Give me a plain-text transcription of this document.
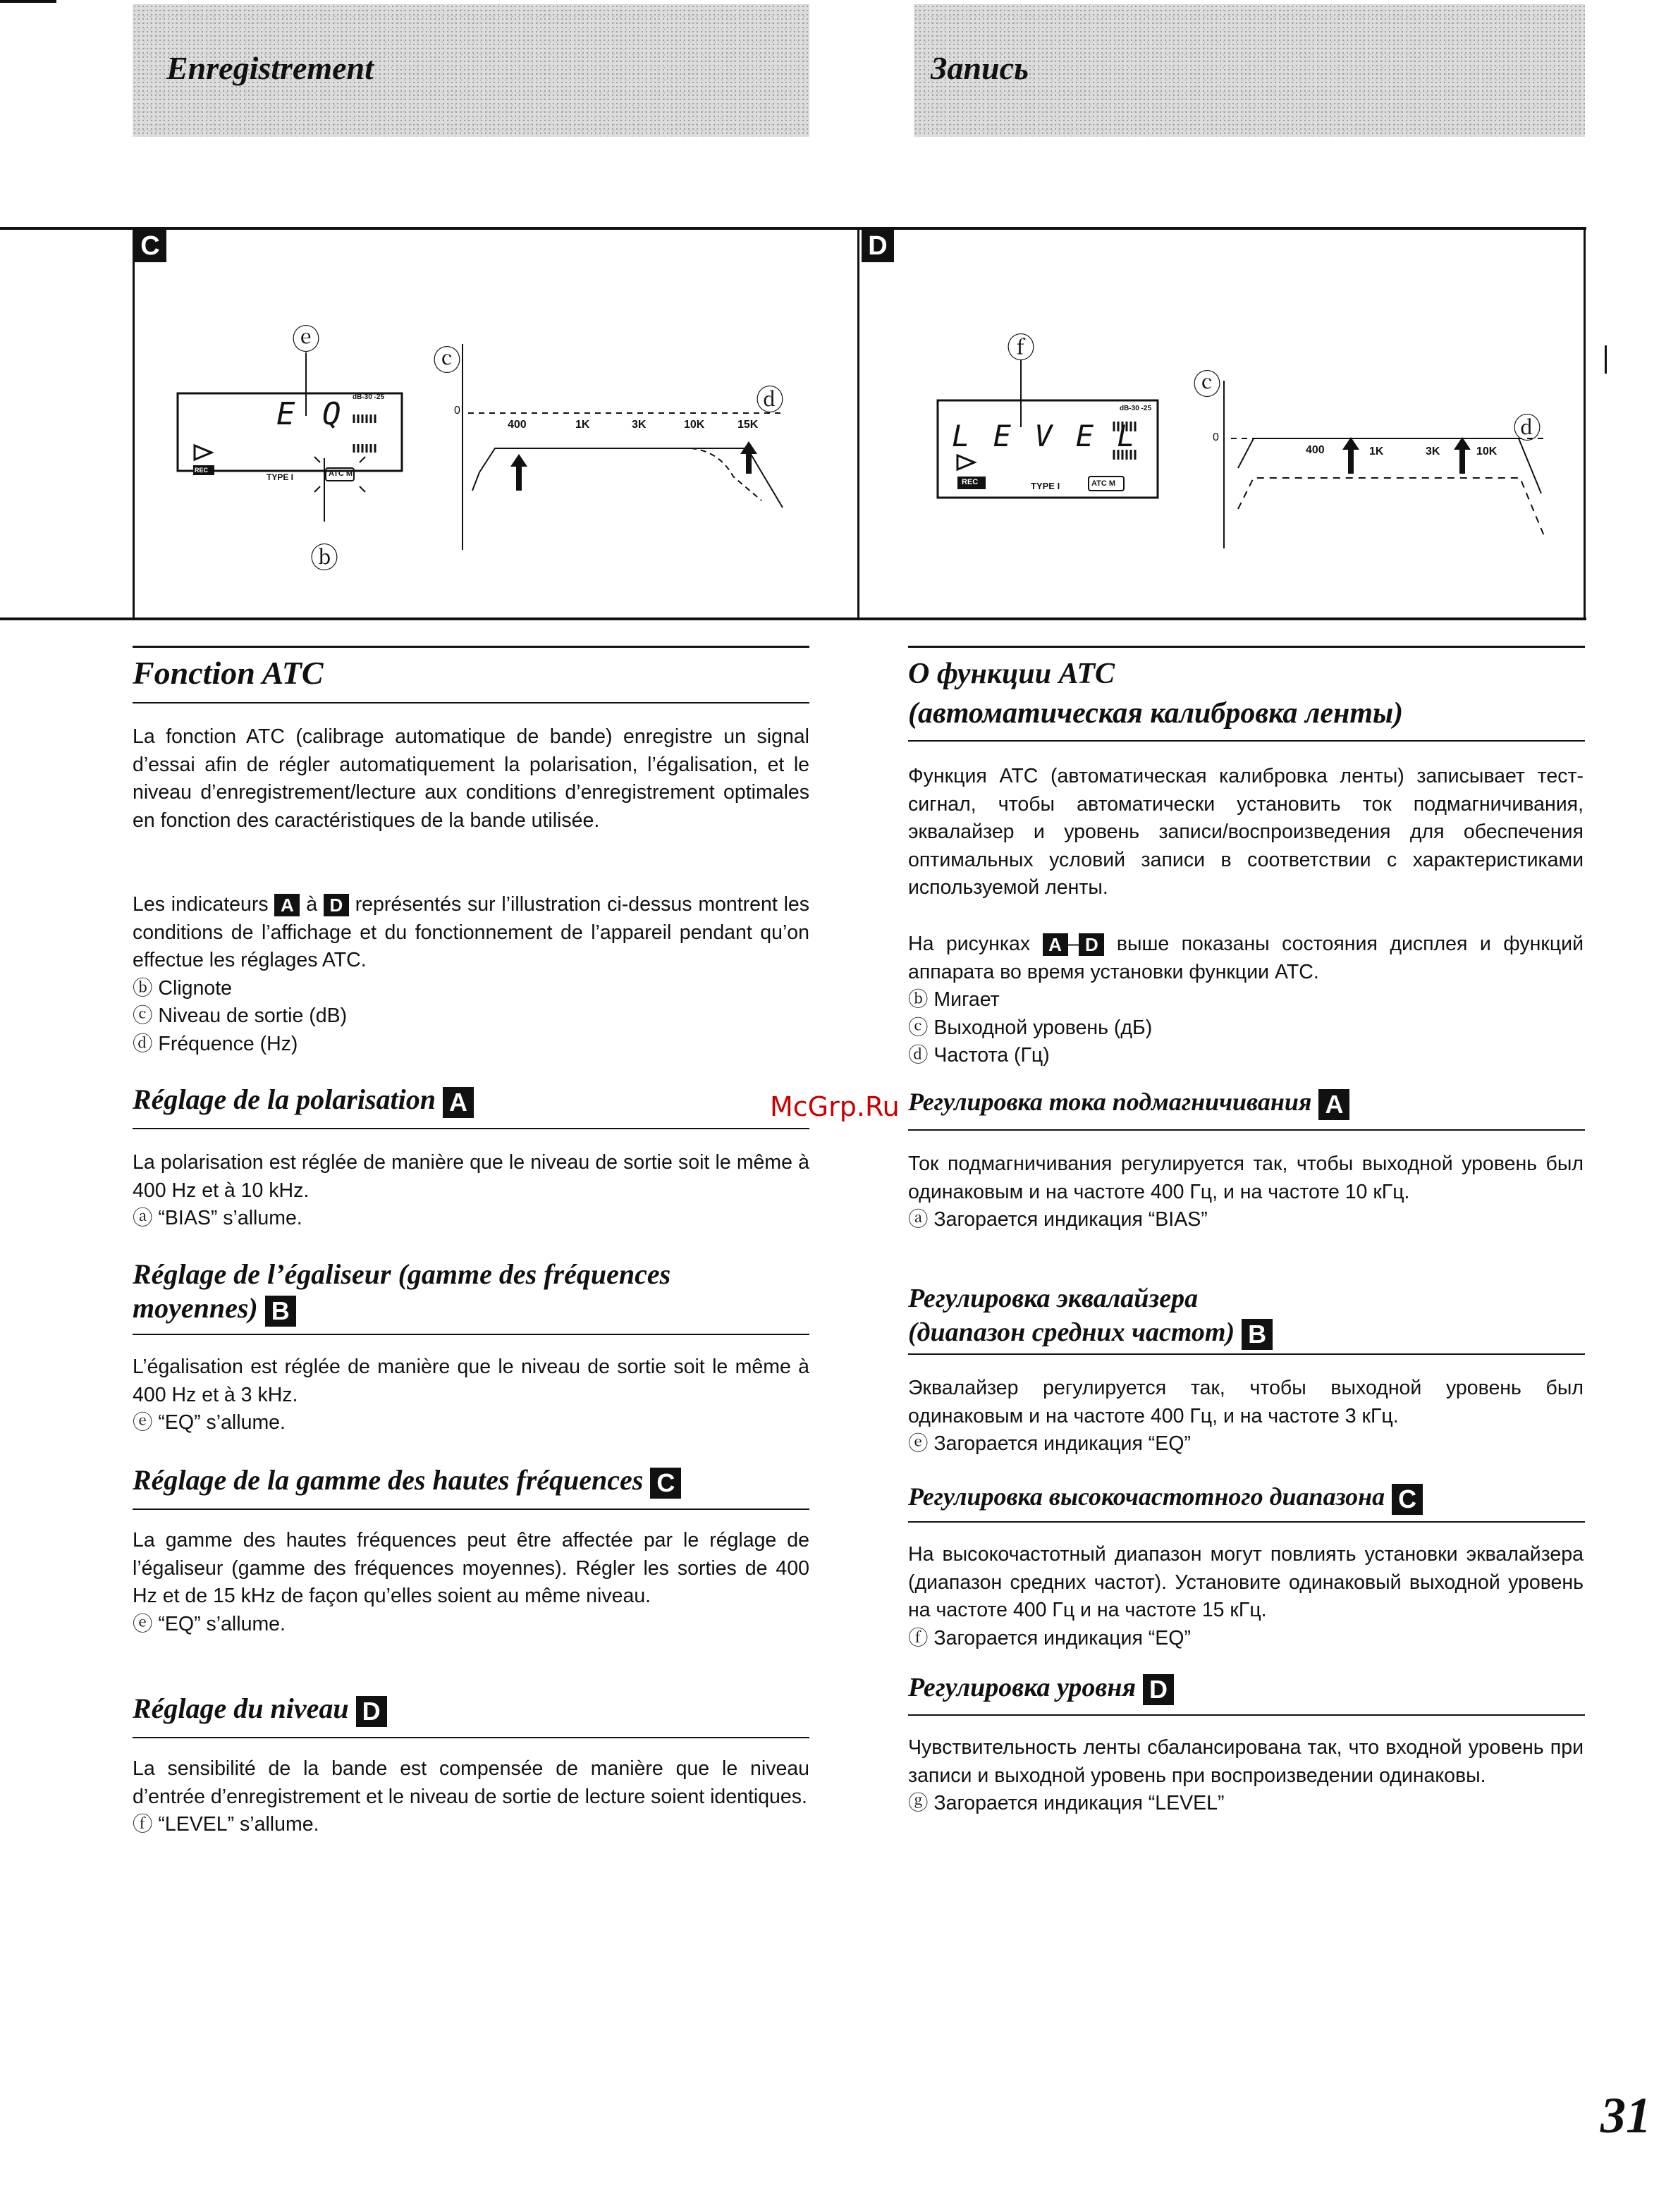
Enregistrement	Запись
C	D
ⓔ
ⓑ
ⓒ
ⓓ
E Q dB-30 -25
REC
TYPE I	ATC M
0
400	1K	3K	10K	15K
ⓕ
ⓒ
ⓓ
L E V E L
dB-30 -25
REC	TYPE I	ATC M
0
400	1K	3K	10K
Fonction ATC
La fonction ATC (calibrage automatique de bande) enregistre un signal d’essai afin de régler automatiquement la polarisation, l’égalisation, et le niveau d’enregistrement/lecture aux conditions d’enregistrement optimales en fonction des caractéristiques de la bande utilisée.
Les indicateurs A à D représentés sur l’illustration ci-dessus montrent les conditions de l’affichage et du fonctionnement de l’appareil pendant qu’on effectue les réglages ATC.
ⓑ Clignote
ⓒ Niveau de sortie (dB)
ⓓ Fréquence (Hz)
Réglage de la polarisation A
La polarisation est réglée de manière que le niveau de sortie soit le même à 400 Hz et à 10 kHz.
ⓐ “BIAS” s’allume.
Réglage de l’égaliseur (gamme des fréquences
moyennes) B
L’égalisation est réglée de manière que le niveau de sortie soit le même à 400 Hz et à 3 kHz.
ⓔ “EQ” s’allume.
Réglage de la gamme des hautes fréquences C
La gamme des hautes fréquences peut être affectée par le réglage de l’égaliseur (gamme des fréquences moyennes). Régler les sorties de 400 Hz et de 15 kHz de façon qu’elles soient au même niveau.
ⓔ “EQ” s’allume.
Réglage du niveau D
La sensibilité de la bande est compensée de manière que le niveau d’entrée d’enregistrement et le niveau de sortie de lecture soient identiques.
ⓕ “LEVEL” s’allume.
О функции ATC
(автоматическая калибровка ленты)
Функция ATC (автоматическая калибровка ленты) записывает тест-сигнал, чтобы автоматически установить ток подмагничивания, эквалайзер и уровень записи/воспроизведения для обеспечения оптимальных условий записи в соответствии с характеристиками используемой ленты.
На рисунках A – D выше показаны состояния дисплея и функций аппарата во время установки функции ATC.
ⓑ Мигает
ⓒ Выходной уровень (дБ)
ⓓ Частота (Гц)
McGrp.Ru Регулировка тока подмагничивания A
Ток подмагничивания регулируется так, чтобы выходной уровень был одинаковым и на частоте 400 Гц, и на частоте 10 кГц.
ⓐ Загорается индикация “BIAS”
Регулировка эквалайзера
(диапазон средних частот) B
Эквалайзер регулируется так, чтобы выходной уровень был одинаковым и на частоте 400 Гц, и на частоте 3 кГц.
ⓔ Загорается индикация “EQ”
Регулировка высокочастотного диапазона C
На высокочастотный диапазон могут повлиять установки эквалайзера (диапазон средних частот). Установите одинаковый выходной уровень на частоте 400 Гц и на частоте 15 кГц.
ⓕ Загорается индикация “EQ”
Регулировка уровня D
Чувствительность ленты сбалансирована так, что входной уровень при записи и выходной уровень при воспроизведении одинаковы.
ⓖ Загорается индикация “LEVEL”
31
